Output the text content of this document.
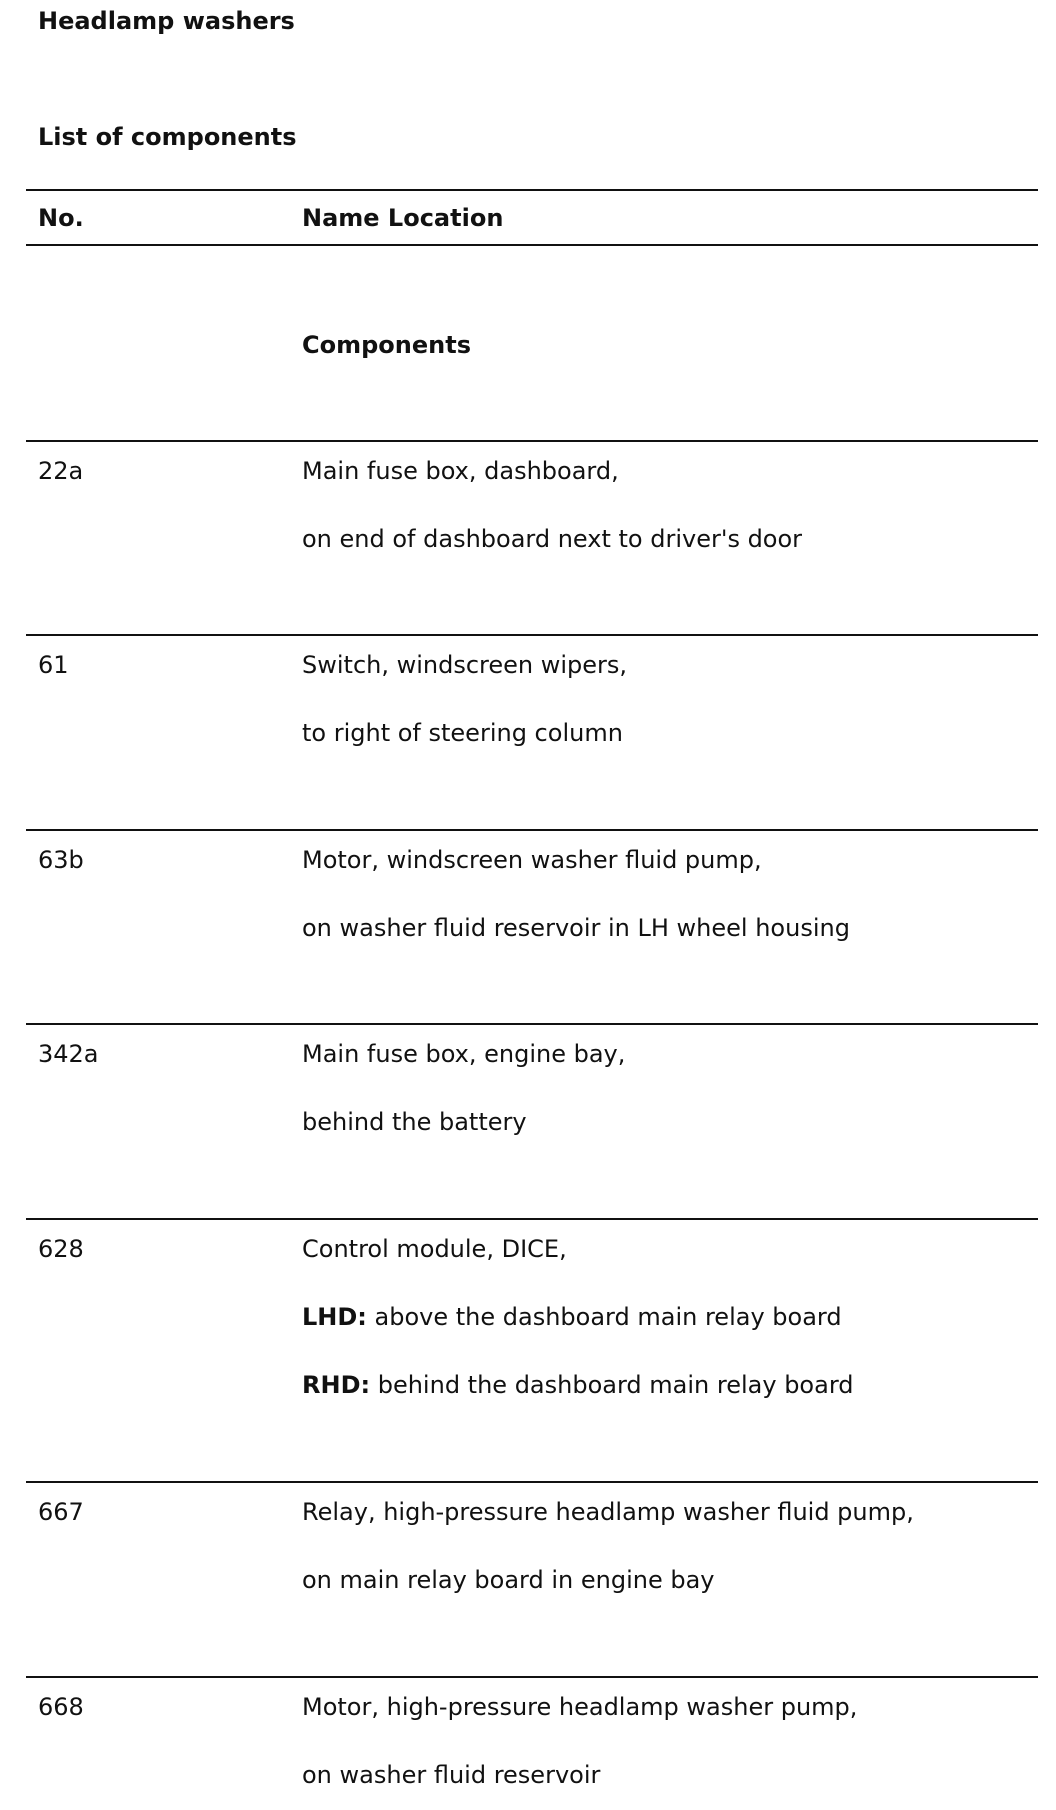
Headlamp washers
List of components
No.	Name Location
Components
22a	Main fuse box, dashboard,
on end of dashboard next to driver's door
61	Switch, windscreen wipers,
to right of steering column
63b	Motor, windscreen washer fluid pump,
on washer fluid reservoir in LH wheel housing
342a	Main fuse box, engine bay,
behind the battery
628	Control module, DICE,
LHD: above the dashboard main relay board
RHD: behind the dashboard main relay board
667	Relay, high-pressure headlamp washer fluid pump,
on main relay board in engine bay
668	Motor, high-pressure headlamp washer pump,
on washer fluid reservoir
